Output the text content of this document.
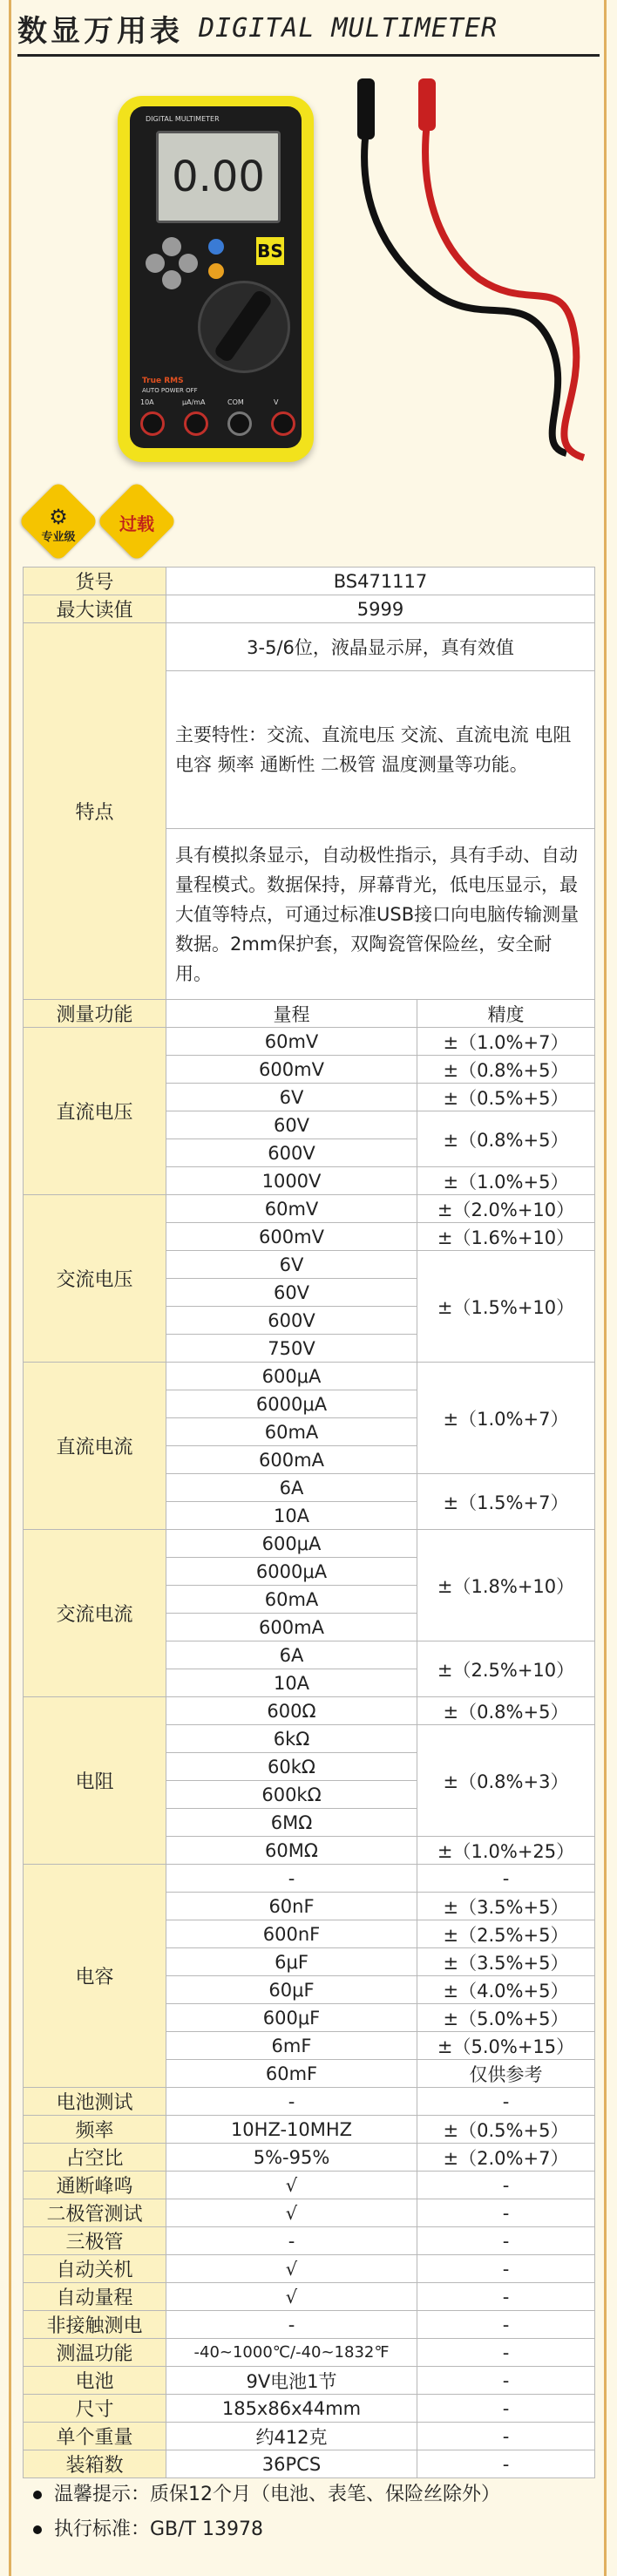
数显万用表 DIGITAL MULTIMETER
DIGITAL MULTIMETER
0.00
BS
True RMS
AUTO POWER OFF
10A	μA/mA	COM	V
⚙
专业级
过载
货号	BS471117	
最大读值	5999	
特点	3-5/6位，液晶显示屏，真有效值	
	主要特性：交流、直流电压 交流、直流电流 电阻 电容 频率 通断性 二极管 温度测量等功能。	
	具有模拟条显示，自动极性指示，具有手动、自动量程模式。数据保持，屏幕背光，低电压显示，最大值等特点，可通过标准USB接口向电脑传输测量数据。2mm保护套，双陶瓷管保险丝，安全耐用。	
测量功能	量程	精度
直流电压	60mV	±（1.0%+7）
	600mV	±（0.8%+5）
	6V	±（0.5%+5）
	60V	±（0.8%+5）
	600V	
	1000V	±（1.0%+5）
交流电压	60mV	±（2.0%+10）
	600mV	±（1.6%+10）
	6V	±（1.5%+10）
	60V	
	600V	
	750V	
直流电流	600μA	±（1.0%+7）
	6000μA	
	60mA	
	600mA	
	6A	±（1.5%+7）
	10A	
交流电流	600μA	±（1.8%+10）
	6000μA	
	60mA	
	600mA	
	6A	±（2.5%+10）
	10A	
电阻	600Ω	±（0.8%+5）
	6kΩ	±（0.8%+3）
	60kΩ	
	600kΩ	
	6MΩ	
	60MΩ	±（1.0%+25）
电容	-	-
	60nF	±（3.5%+5）
	600nF	±（2.5%+5）
	6μF	±（3.5%+5）
	60μF	±（4.0%+5）
	600μF	±（5.0%+5）
	6mF	±（5.0%+15）
	60mF	仅供参考
电池测试	-	-
频率	10HZ-10MHZ	±（0.5%+5）
占空比	5%-95%	±（2.0%+7）
通断峰鸣	√	-
二极管测试	√	-
三极管	-	-
自动关机	√	-
自动量程	√	-
非接触测电	-	-
测温功能	-40~1000℃/-40~1832℉	-
电池	9V电池1节	-
尺寸	185x86x44mm	-
单个重量	约412克	-
装箱数	36PCS	-
温馨提示：质保12个月（电池、表笔、保险丝除外）
执行标准：GB/T 13978
